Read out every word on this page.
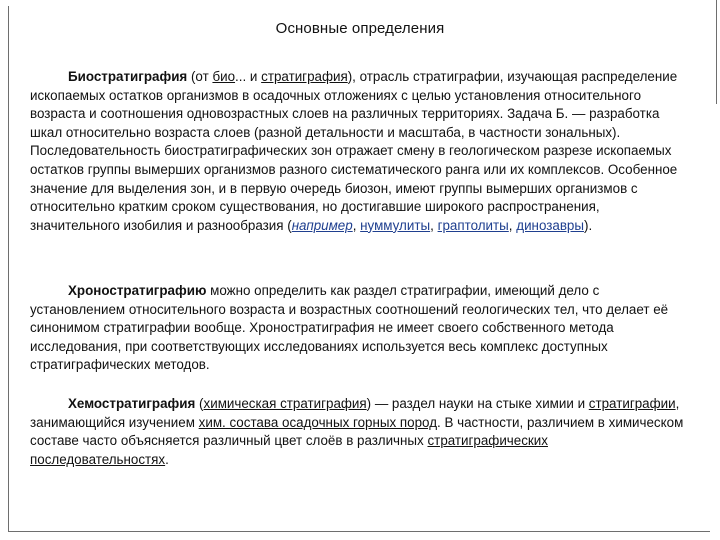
Основные определения

Биостратиграфия (от био... и стратиграфия), отрасль стратиграфии, изучающая распределение ископаемых остатков организмов в осадочных отложениях с целью установления относительного возраста и соотношения одновозрастных слоев на различных территориях. Задача Б. — разработка шкал относительно возраста слоев (разной детальности и масштаба, в частности зональных). Последовательность биостратиграфических зон отражает смену в геологическом разрезе ископаемых остатков группы вымерших организмов разного систематического ранга или их комплексов. Особенное значение для выделения зон, и в первую очередь биозон, имеют группы вымерших организмов с относительно кратким сроком существования, но достигавшие широкого распространения, значительного изобилия и разнообразия (например, нуммулиты, граптолиты, динозавры).

Хроностратиграфию можно определить как раздел стратиграфии, имеющий дело с установлением относительного возраста и возрастных соотношений геологических тел, что делает её синонимом стратиграфии вообще. Хроностратиграфия не имеет своего собственного метода исследования, при соответствующих исследованиях используется весь комплекс доступных стратиграфических методов.

Хемостратиграфия (химическая стратиграфия) — раздел науки на стыке химии и стратиграфии, занимающийся изучением хим. состава осадочных горных пород. В частности, различием в химическом составе часто объясняется различный цвет слоёв в различных стратиграфических последовательностях.
